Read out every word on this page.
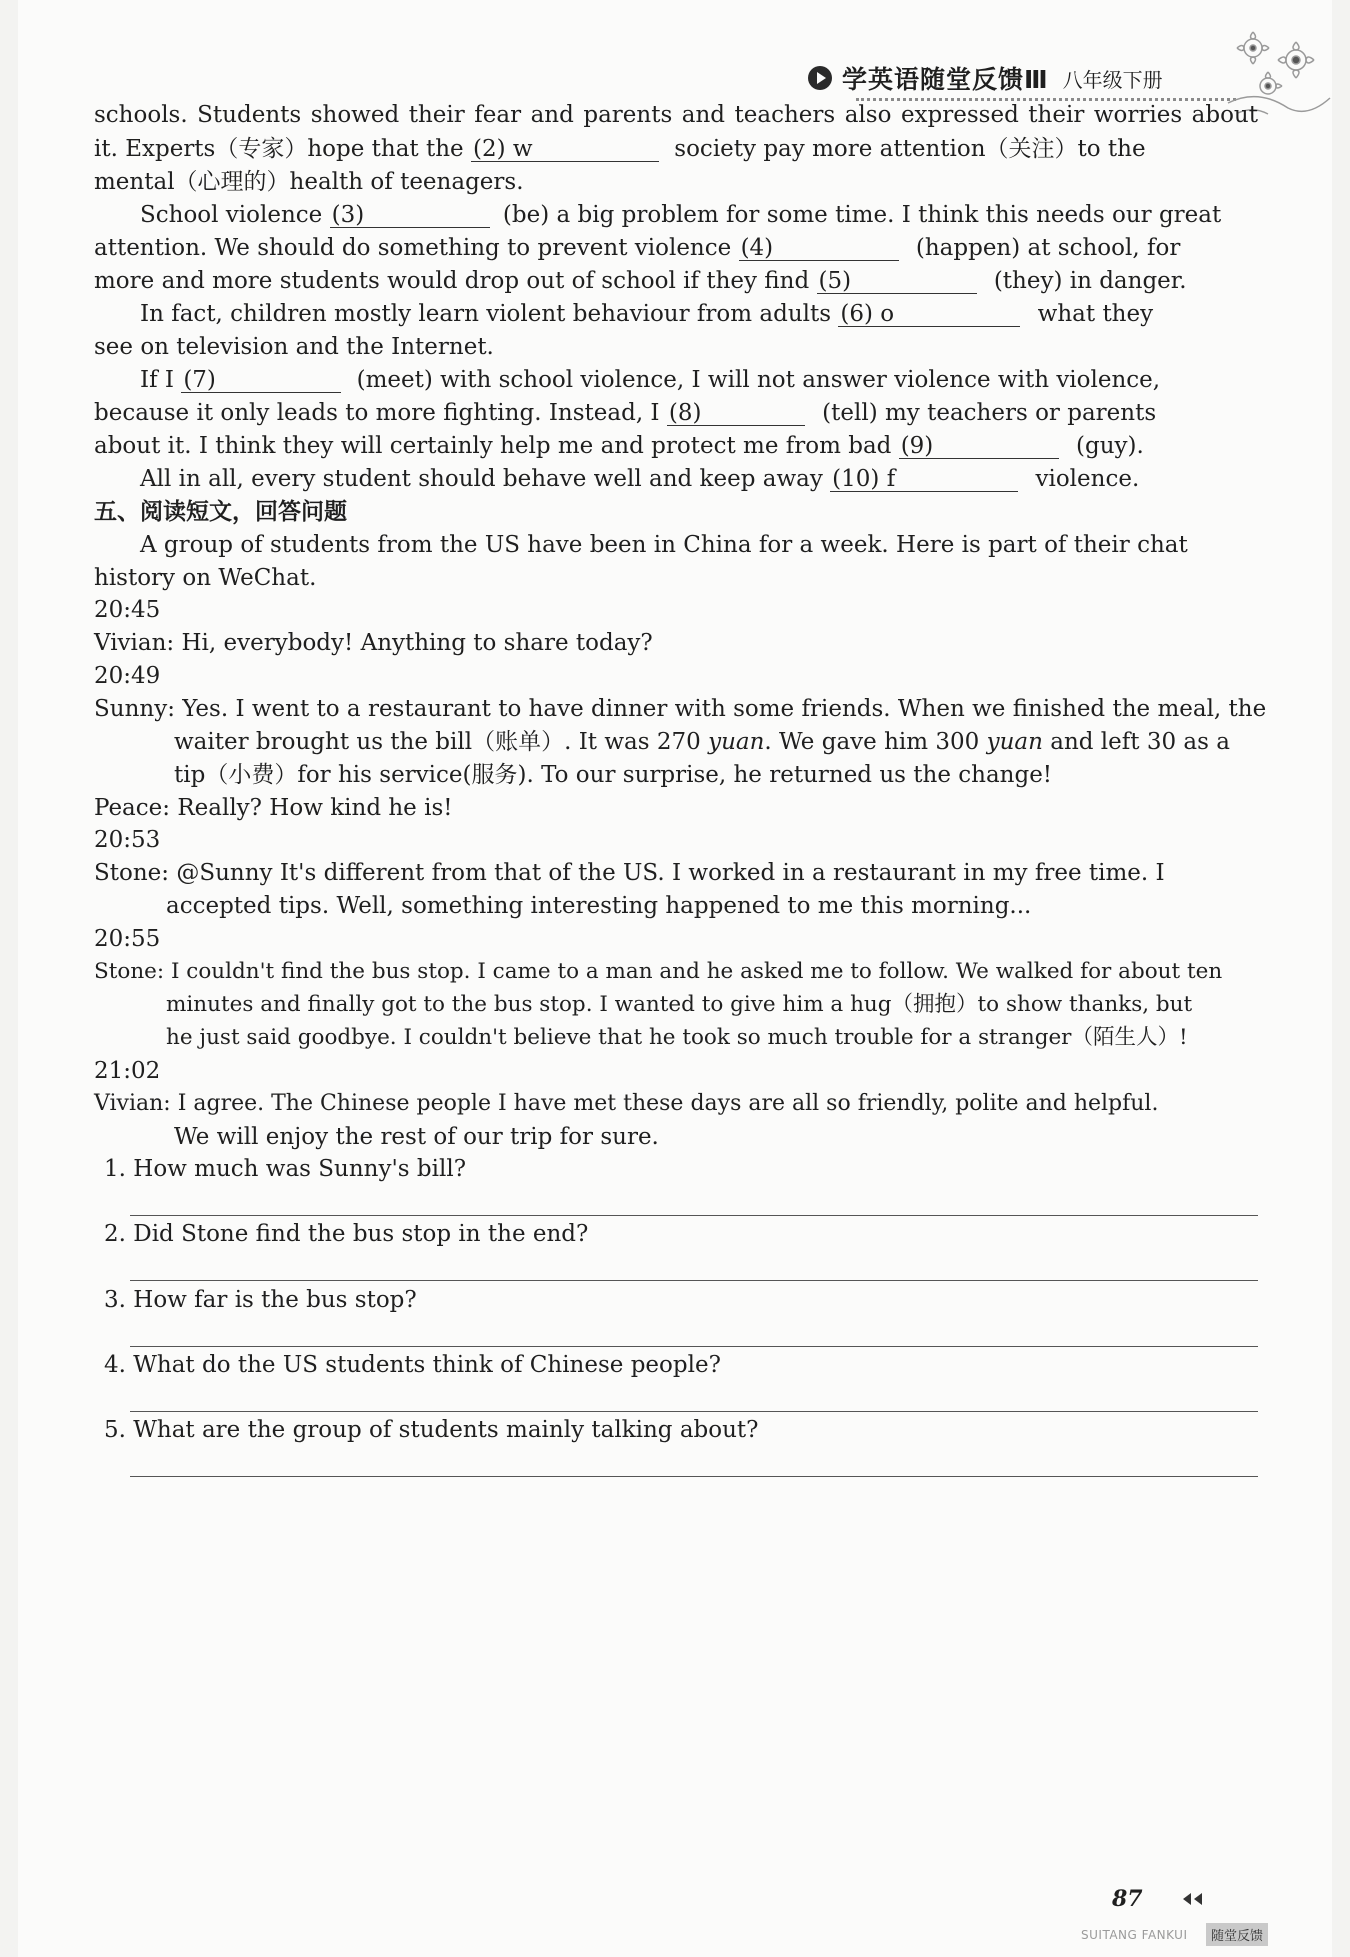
学英语随堂反馈Ⅲ 八年级下册
schools. Students showed their fear and parents and teachers also expressed their worries about
it. Experts（专家）hope that the (2) w	society pay more attention（关注）to the
mental（心理的）health of teenagers.
School violence (3)	(be) a big problem for some time. I think this needs our great
attention. We should do something to prevent violence (4)	(happen) at school, for
more and more students would drop out of school if they find (5)	(they) in danger.
In fact, children mostly learn violent behaviour from adults (6) o	what they
see on television and the Internet.
If I (7)	(meet) with school violence, I will not answer violence with violence,
because it only leads to more fighting. Instead, I (8)	(tell) my teachers or parents
about it. I think they will certainly help me and protect me from bad (9)	(guy).
All in all, every student should behave well and keep away (10) f	violence.
五、阅读短文，回答问题
A group of students from the US have been in China for a week. Here is part of their chat
history on WeChat.
20:45
Vivian: Hi, everybody! Anything to share today?
20:49
Sunny: Yes. I went to a restaurant to have dinner with some friends. When we finished the meal, the
waiter brought us the bill（账单）. It was 270 yuan. We gave him 300 yuan and left 30 as a
tip（小费）for his service(服务). To our surprise, he returned us the change!
Peace: Really? How kind he is!
20:53
Stone: @Sunny It's different from that of the US. I worked in a restaurant in my free time. I
accepted tips. Well, something interesting happened to me this morning...
20:55
Stone: I couldn't find the bus stop. I came to a man and he asked me to follow. We walked for about ten
minutes and finally got to the bus stop. I wanted to give him a hug（拥抱）to show thanks, but
he just said goodbye. I couldn't believe that he took so much trouble for a stranger（陌生人）!
21:02
Vivian: I agree. The Chinese people I have met these days are all so friendly, polite and helpful.
We will enjoy the rest of our trip for sure.
1. How much was Sunny's bill?
2. Did Stone find the bus stop in the end?
3. How far is the bus stop?
4. What do the US students think of Chinese people?
5. What are the group of students mainly talking about?
87
SUITANG FANKUI	随堂反馈
